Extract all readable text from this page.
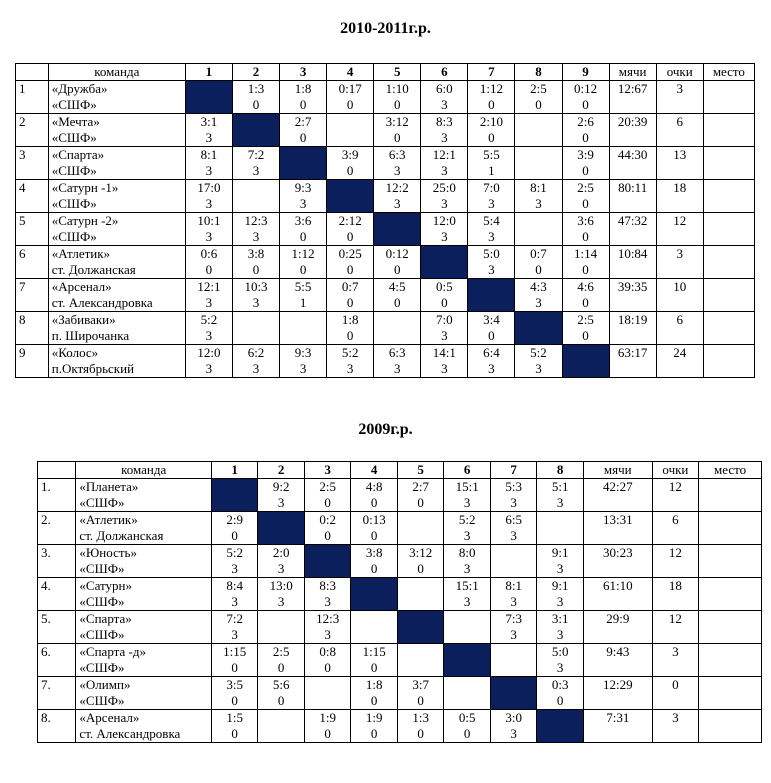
2010-2011г.р.
	команда	1	2	3	4	5	6	7	8	9	мячи	очки	место
1	«Дружба»		1:3	1:8	0:17	1:10	6:0	1:12	2:5	0:12	12:67	3	
	«СШФ»		0	0	0	0	3	0	0	0			
2	«Мечта»	3:1		2:7		3:12	8:3	2:10		2:6	20:39	6	
	«СШФ»	3		0		0	3	0		0			
3	«Спарта»	8:1	7:2		3:9	6:3	12:1	5:5		3:9	44:30	13	
	«СШФ»	3	3		0	3	3	1		0			
4	«Сатурн -1»	17:0		9:3		12:2	25:0	7:0	8:1	2:5	80:11	18	
	«СШФ»	3		3		3	3	3	3	0			
5	«Сатурн -2»	10:1	12:3	3:6	2:12		12:0	5:4		3:6	47:32	12	
	«СШФ»	3	3	0	0		3	3		0			
6	«Атлетик»	0:6	3:8	1:12	0:25	0:12		5:0	0:7	1:14	10:84	3	
	ст. Должанская	0	0	0	0	0		3	0	0			
7	«Арсенал»	12:1	10:3	5:5	0:7	4:5	0:5		4:3	4:6	39:35	10	
	ст. Александровка	3	3	1	0	0	0		3	0			
8	«Забиваки»	5:2			1:8		7:0	3:4		2:5	18:19	6	
	п. Широчанка	3			0		3	0		0			
9	«Колос»	12:0	6:2	9:3	5:2	6:3	14:1	6:4	5:2		63:17	24	
	п.Октябрьский	3	3	3	3	3	3	3	3				
2009г.р.
	команда	1	2	3	4	5	6	7	8	мячи	очки	место
1.	«Планета»		9:2	2:5	4:8	2:7	15:1	5:3	5:1	42:27	12	
	«СШФ»		3	0	0	0	3	3	3			
2.	«Атлетик»	2:9		0:2	0:13		5:2	6:5		13:31	6	
	ст. Должанская	0		0	0		3	3				
3.	«Юность»	5:2	2:0		3:8	3:12	8:0		9:1	30:23	12	
	«СШФ»	3	3		0	0	3		3			
4.	«Сатурн»	8:4	13:0	8:3			15:1	8:1	9:1	61:10	18	
	«СШФ»	3	3	3			3	3	3			
5.	«Спарта»	7:2		12:3				7:3	3:1	29:9	12	
	«СШФ»	3		3				3	3			
6.	«Спарта -д»	1:15	2:5	0:8	1:15				5:0	9:43	3	
	«СШФ»	0	0	0	0				3			
7.	«Олимп»	3:5	5:6		1:8	3:7			0:3	12:29	0	
	«СШФ»	0	0		0	0			0			
8.	«Арсенал»	1:5		1:9	1:9	1:3	0:5	3:0		7:31	3	
	ст. Александровка	0		0	0	0	0	3				
